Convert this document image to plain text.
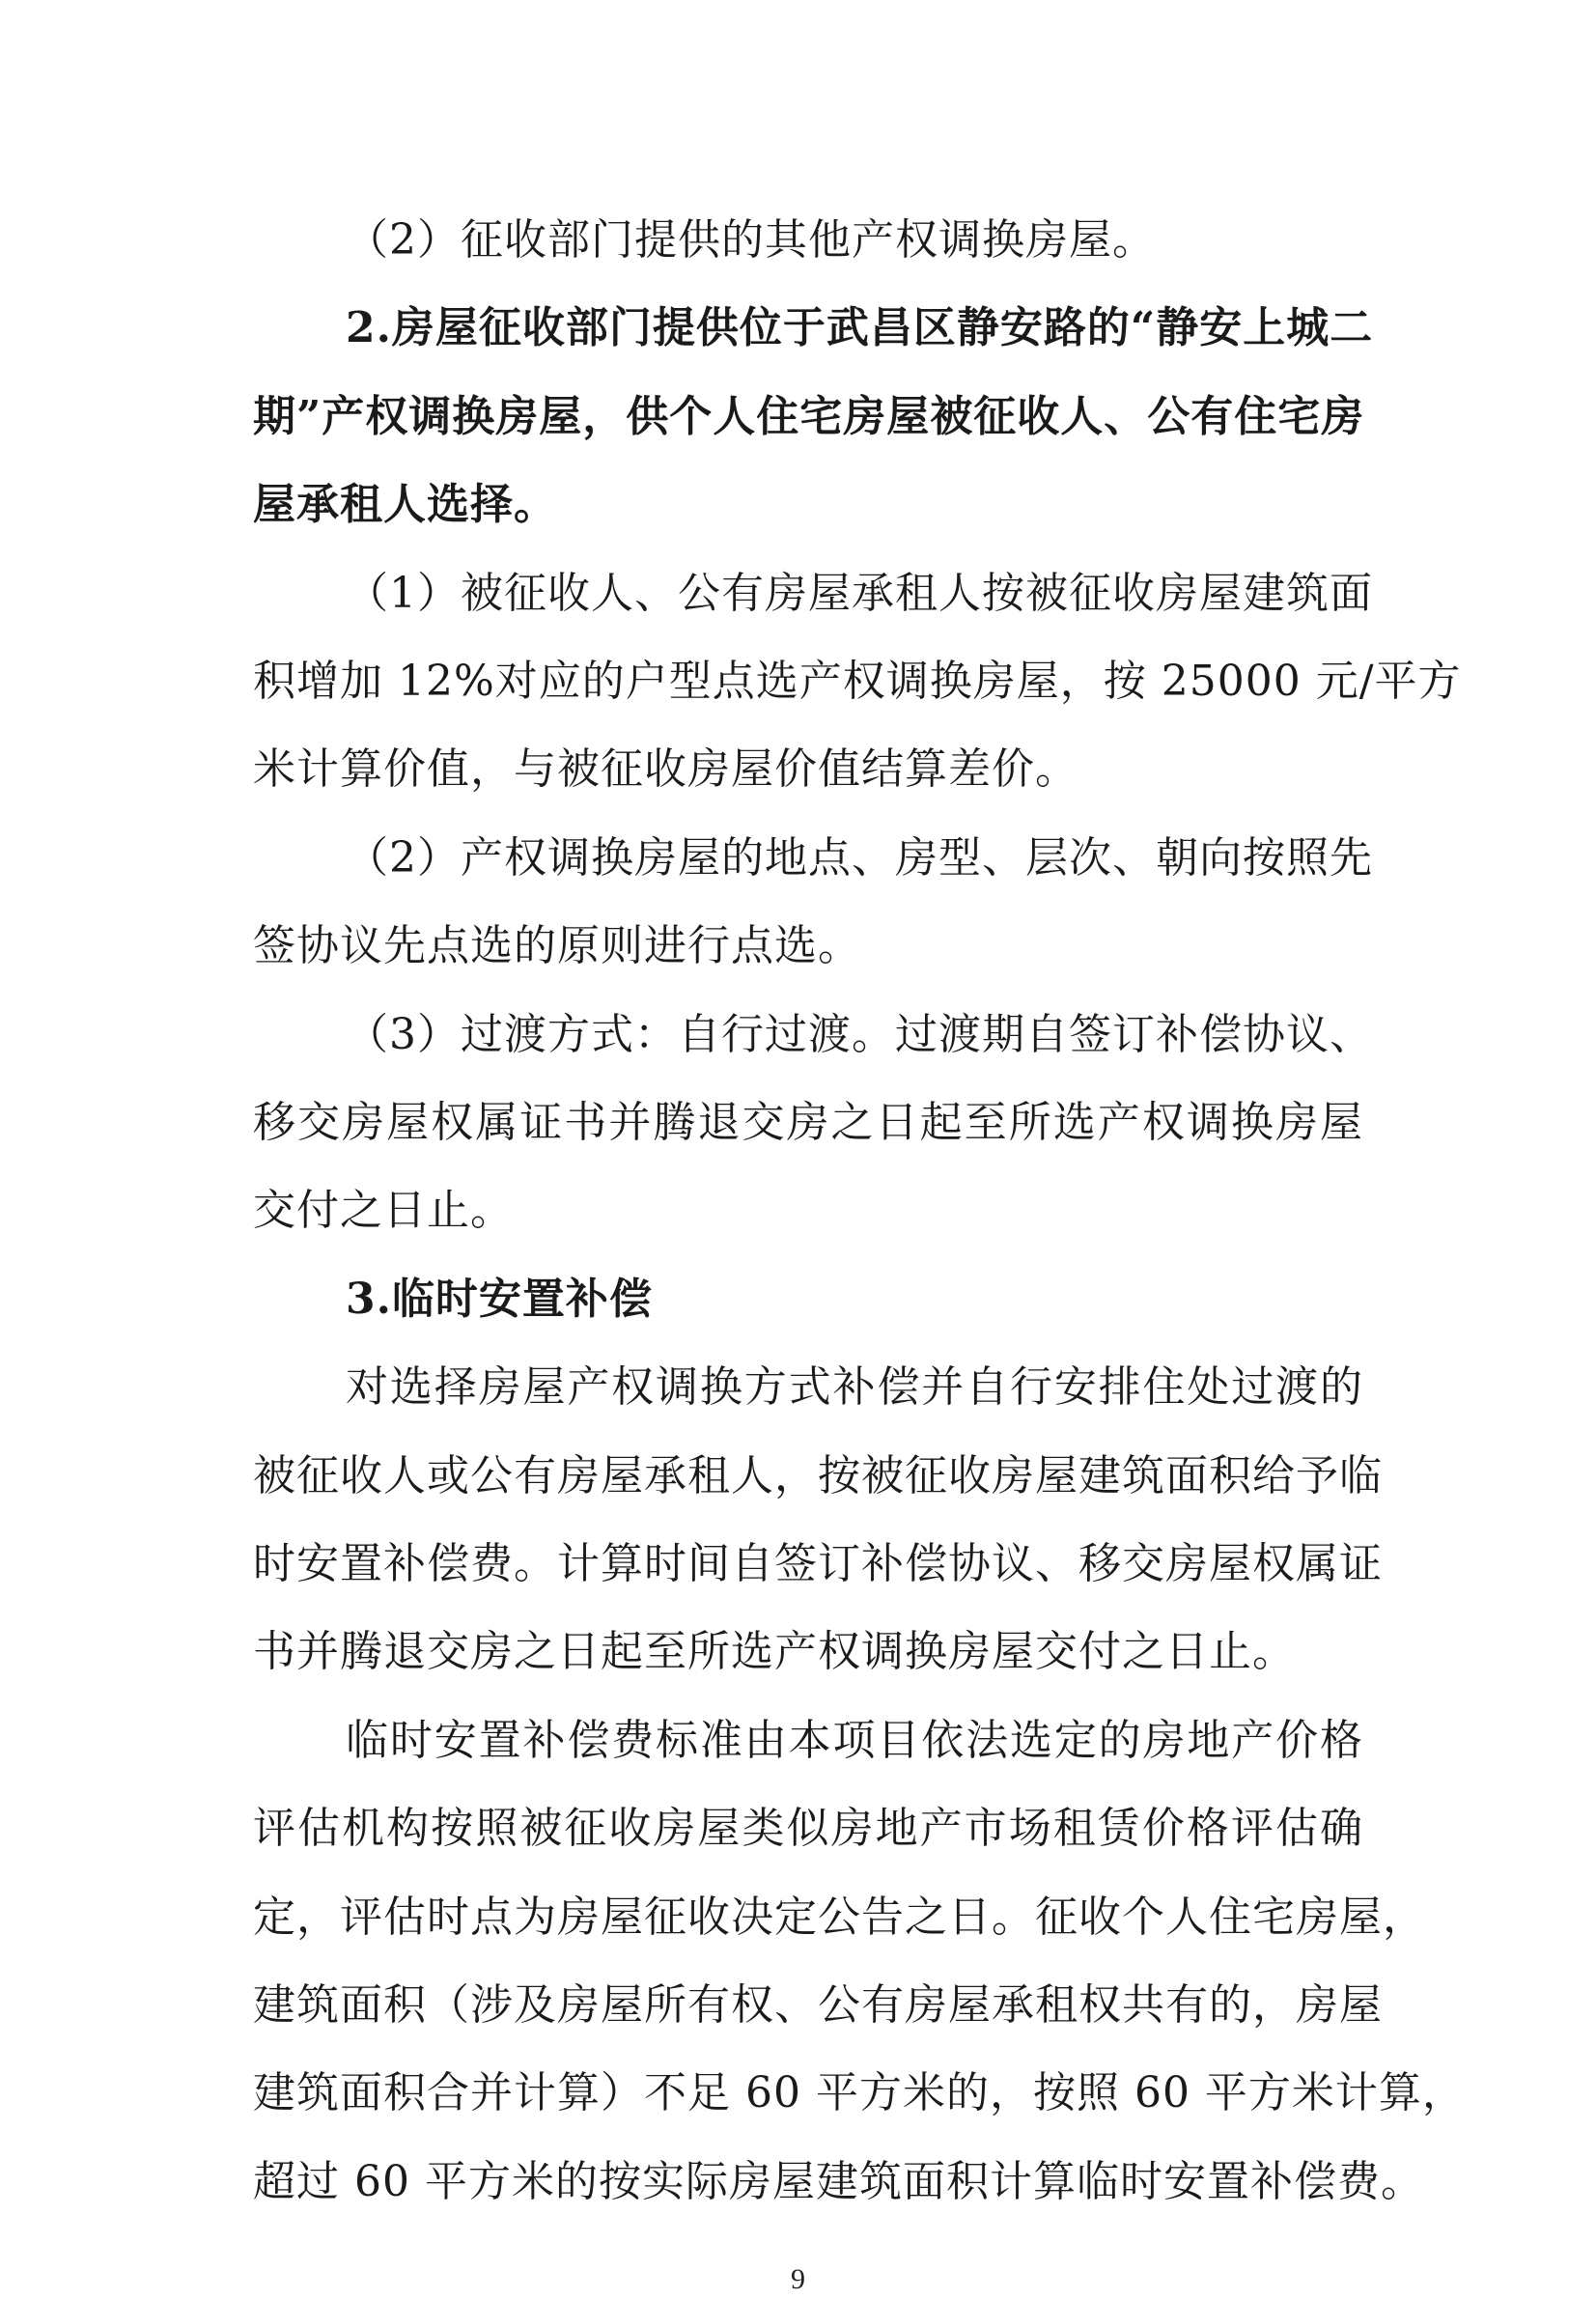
（2）征收部门提供的其他产权调换房屋。
2.房屋征收部门提供位于武昌区静安路的“静安上城二
期”产权调换房屋，供个人住宅房屋被征收人、公有住宅房
屋承租人选择。
（1）被征收人、公有房屋承租人按被征收房屋建筑面
积增加 12%对应的户型点选产权调换房屋，按 25000 元/平方
米计算价值，与被征收房屋价值结算差价。
（2）产权调换房屋的地点、房型、层次、朝向按照先
签协议先点选的原则进行点选。
（3）过渡方式：自行过渡。过渡期自签订补偿协议、
移交房屋权属证书并腾退交房之日起至所选产权调换房屋
交付之日止。
3.临时安置补偿
对选择房屋产权调换方式补偿并自行安排住处过渡的
被征收人或公有房屋承租人，按被征收房屋建筑面积给予临
时安置补偿费。计算时间自签订补偿协议、移交房屋权属证
书并腾退交房之日起至所选产权调换房屋交付之日止。
临时安置补偿费标准由本项目依法选定的房地产价格
评估机构按照被征收房屋类似房地产市场租赁价格评估确
定，评估时点为房屋征收决定公告之日。征收个人住宅房屋，
建筑面积（涉及房屋所有权、公有房屋承租权共有的，房屋
建筑面积合并计算）不足 60 平方米的，按照 60 平方米计算，
超过 60 平方米的按实际房屋建筑面积计算临时安置补偿费。
9
